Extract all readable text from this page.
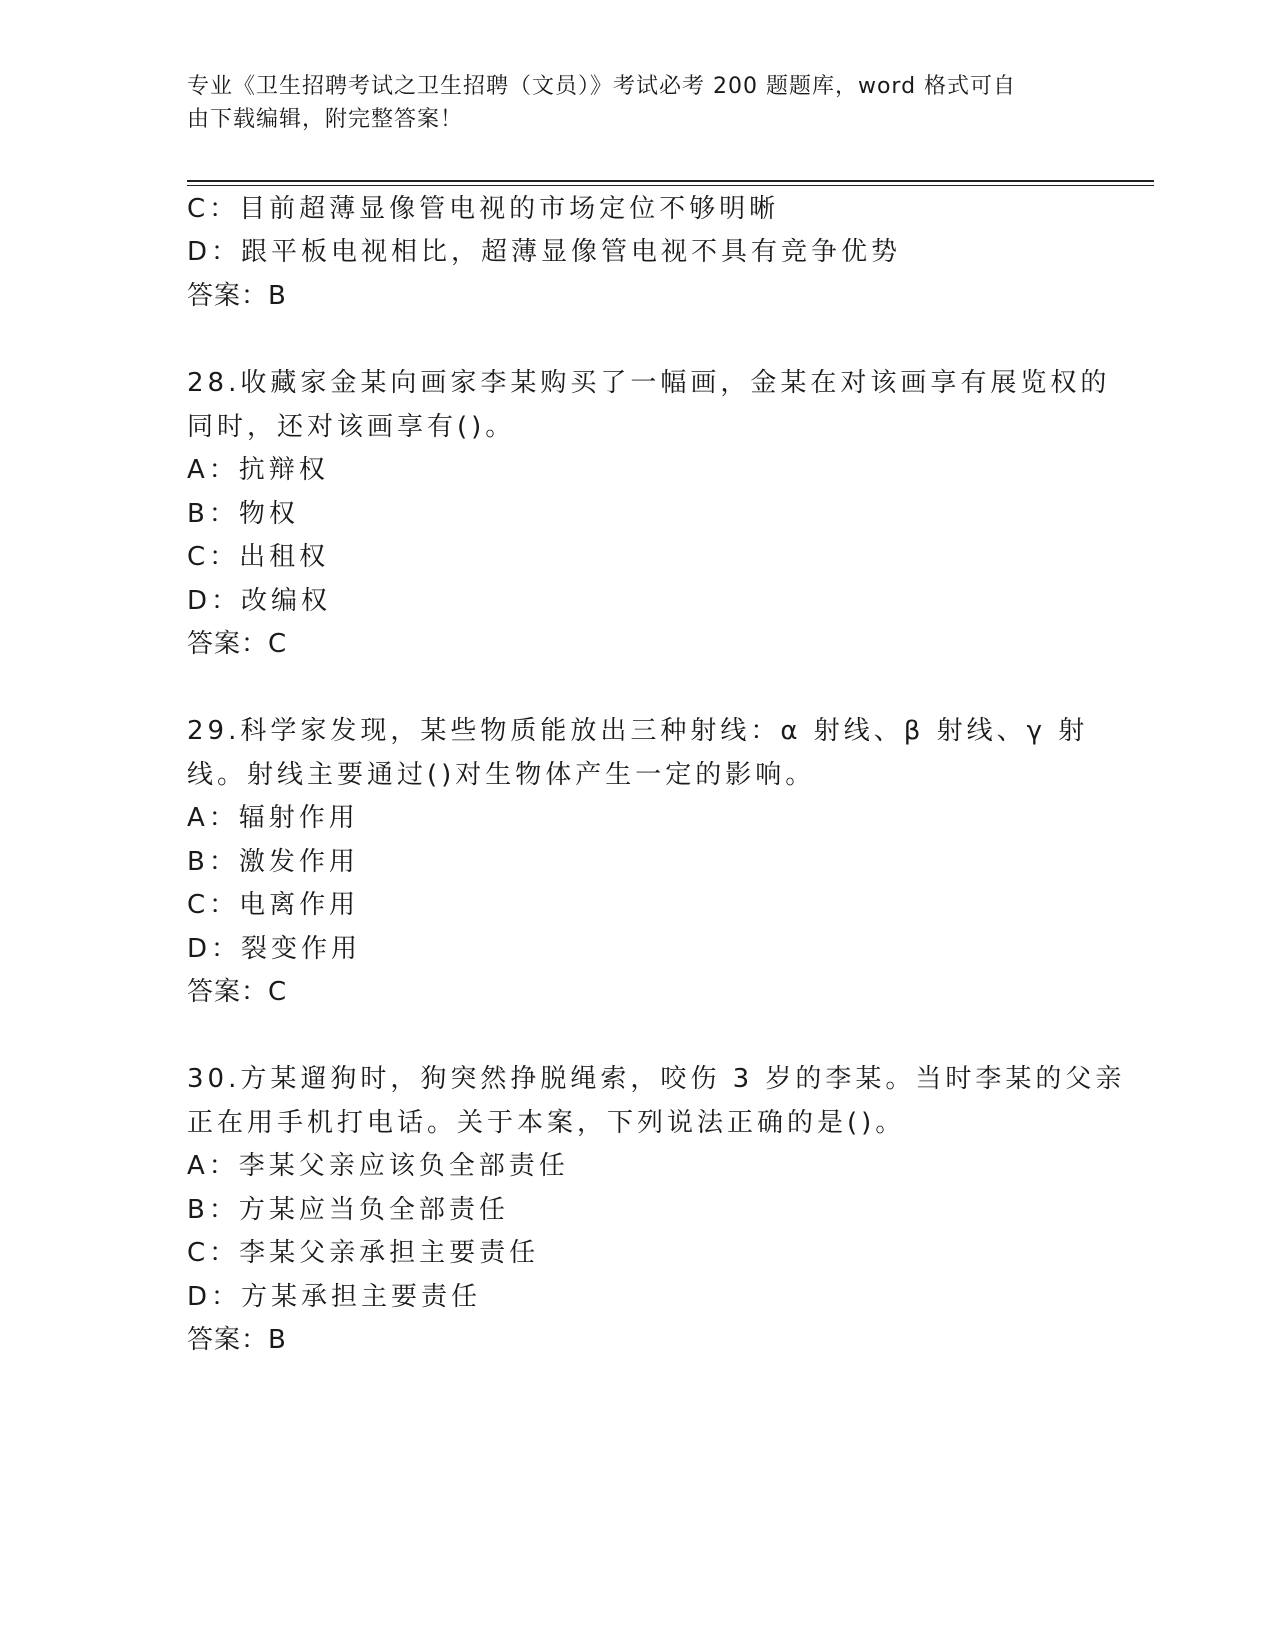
专业《卫生招聘考试之卫生招聘（文员）》考试必考 200 题题库，word 格式可自
由下载编辑，附完整答案！
C：目前超薄显像管电视的市场定位不够明晰
D：跟平板电视相比，超薄显像管电视不具有竞争优势
答案：B
28.收藏家金某向画家李某购买了一幅画，金某在对该画享有展览权的
同时，还对该画享有()。
A：抗辩权
B：物权
C：出租权
D：改编权
答案：C
29.科学家发现，某些物质能放出三种射线：α 射线、β 射线、γ 射
线。射线主要通过()对生物体产生一定的影响。
A：辐射作用
B：激发作用
C：电离作用
D：裂变作用
答案：C
30.方某遛狗时，狗突然挣脱绳索，咬伤 3 岁的李某。当时李某的父亲
正在用手机打电话。关于本案，下列说法正确的是()。
A：李某父亲应该负全部责任
B：方某应当负全部责任
C：李某父亲承担主要责任
D：方某承担主要责任
答案：B
